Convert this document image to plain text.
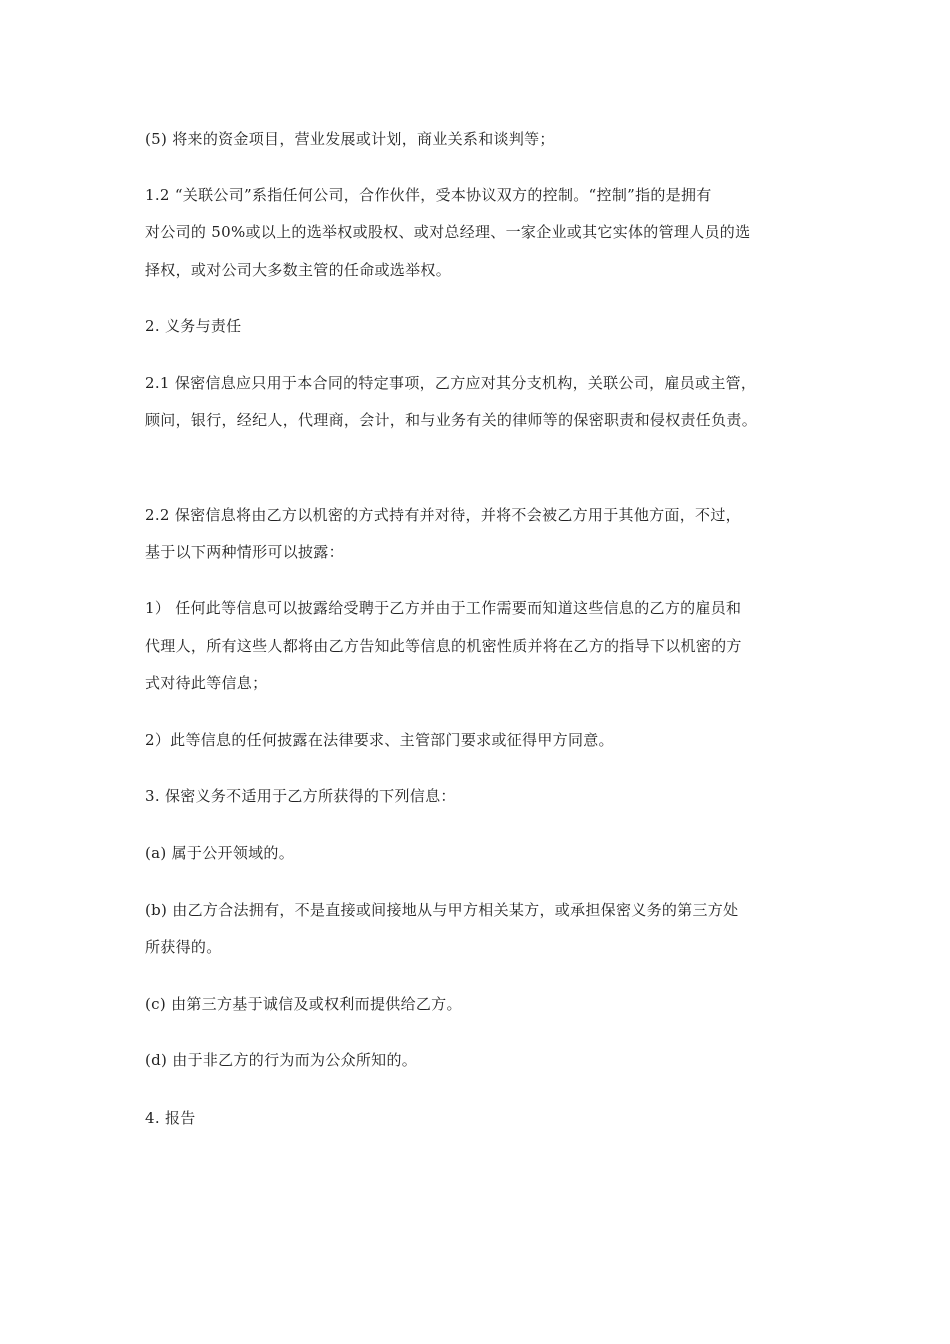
(5) 将来的资金项目，营业发展或计划，商业关系和谈判等；
1.2 “关联公司”系指任何公司，合作伙伴，受本协议双方的控制。“控制”指的是拥有
对公司的 50%或以上的选举权或股权、或对总经理、一家企业或其它实体的管理人员的选
择权，或对公司大多数主管的任命或选举权。
2. 义务与责任
2.1 保密信息应只用于本合同的特定事项，乙方应对其分支机构，关联公司，雇员或主管，
顾问，银行，经纪人，代理商，会计，和与业务有关的律师等的保密职责和侵权责任负责。
2.2 保密信息将由乙方以机密的方式持有并对待，并将不会被乙方用于其他方面，不过，
基于以下两种情形可以披露：
1） 任何此等信息可以披露给受聘于乙方并由于工作需要而知道这些信息的乙方的雇员和
代理人，所有这些人都将由乙方告知此等信息的机密性质并将在乙方的指导下以机密的方
式对待此等信息；
2）此等信息的任何披露在法律要求、主管部门要求或征得甲方同意。
3. 保密义务不适用于乙方所获得的下列信息：
(a) 属于公开领域的。
(b) 由乙方合法拥有，不是直接或间接地从与甲方相关某方，或承担保密义务的第三方处
所获得的。
(c) 由第三方基于诚信及或权利而提供给乙方。
(d) 由于非乙方的行为而为公众所知的。
4. 报告
